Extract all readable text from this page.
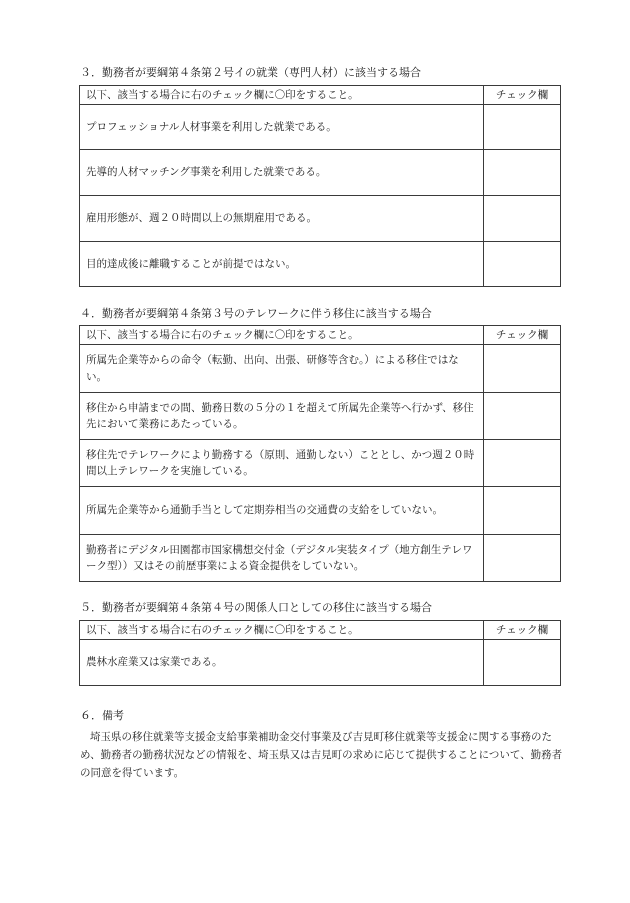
３．勤務者が要綱第４条第２号イの就業（専門人材）に該当する場合
以下、該当する場合に右のチェック欄に〇印をすること。	チェック欄
プロフェッショナル人材事業を利用した就業である。	
先導的人材マッチング事業を利用した就業である。	
雇用形態が、週２０時間以上の無期雇用である。	
目的達成後に離職することが前提ではない。	
４．勤務者が要綱第４条第３号のテレワークに伴う移住に該当する場合
以下、該当する場合に右のチェック欄に〇印をすること。	チェック欄
所属先企業等からの命令（転勤、出向、出張、研修等含む。）による移住ではない。	
移住から申請までの間、勤務日数の５分の１を超えて所属先企業等へ行かず、移住先において業務にあたっている。	
移住先でテレワークにより勤務する（原則、通勤しない）こととし、かつ週２０時間以上テレワークを実施している。	
所属先企業等から通勤手当として定期券相当の交通費の支給をしていない。	
勤務者にデジタル田園都市国家構想交付金（デジタル実装タイプ（地方創生テレワーク型））又はその前歴事業による資金提供をしていない。	
５．勤務者が要綱第４条第４号の関係人口としての移住に該当する場合
以下、該当する場合に右のチェック欄に〇印をすること。	チェック欄
農林水産業又は家業である。	
６．備考
埼玉県の移住就業等支援金支給事業補助金交付事業及び吉見町移住就業等支援金に関する事務のため、勤務者の勤務状況などの情報を、埼玉県又は吉見町の求めに応じて提供することについて、勤務者の同意を得ています。
